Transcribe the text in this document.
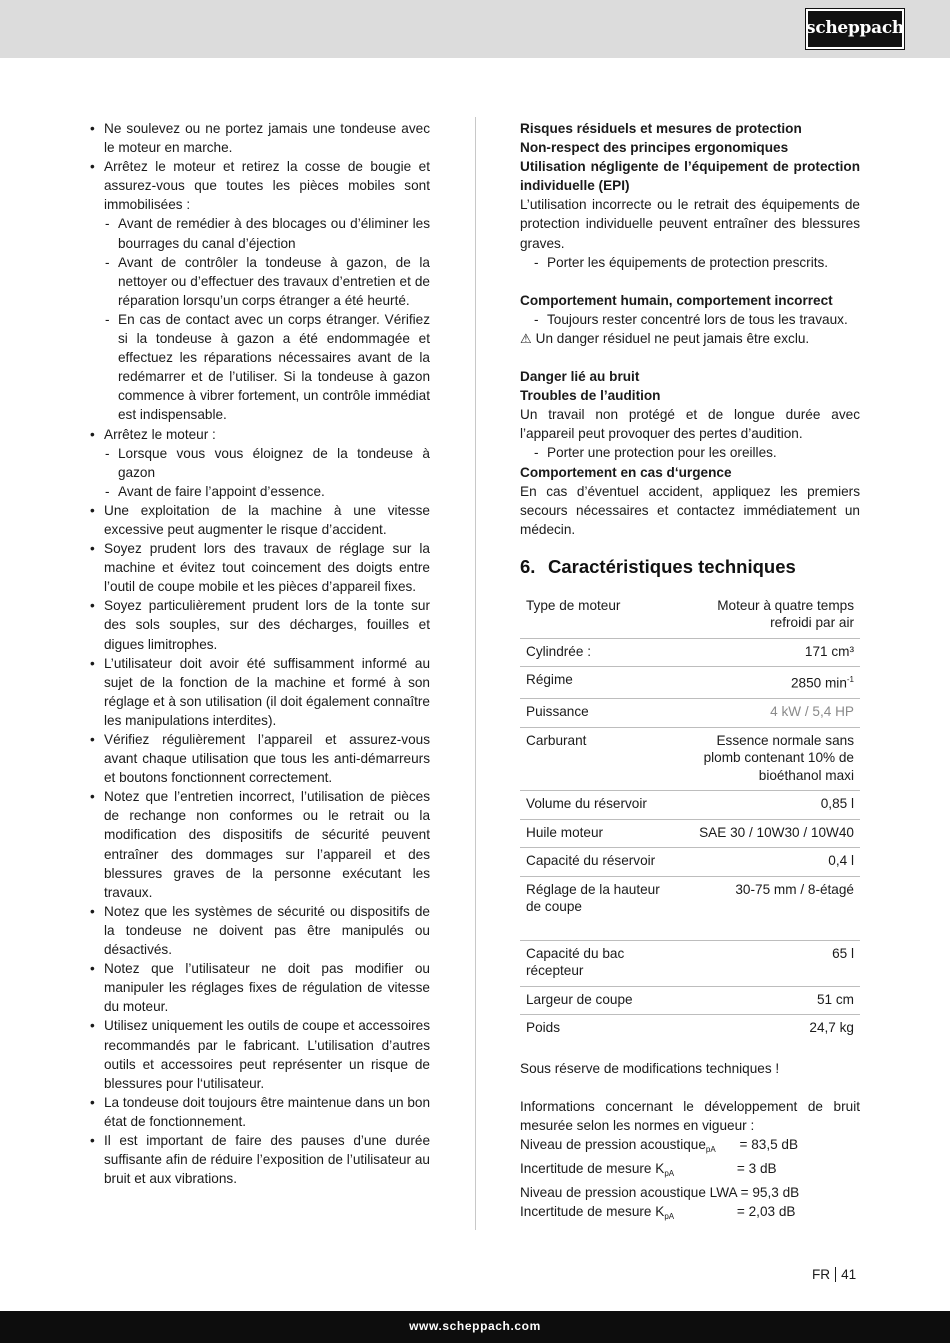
scheppach
• Ne soulevez ou ne portez jamais une tondeuse avec le moteur en marche.
• Arrêtez le moteur et retirez la cosse de bougie et assurez-vous que toutes les pièces mobiles sont immobilisées :
- Avant de remédier à des blocages ou d’éliminer les bourrages du canal d’éjection
- Avant de contrôler la tondeuse à gazon, de la nettoyer ou d’effectuer des travaux d’entretien et de réparation lorsqu’un corps étranger a été heurté.
- En cas de contact avec un corps étranger. Vérifiez si la tondeuse à gazon a été endommagée et effectuez les réparations nécessaires avant de la redémarrer et de l’utiliser. Si la tondeuse à gazon commence à vibrer fortement, un contrôle immédiat est indispensable.
• Arrêtez le moteur :
- Lorsque vous vous éloignez de la tondeuse à gazon
- Avant de faire l’appoint d’essence.
• Une exploitation de la machine à une vitesse excessive peut augmenter le risque d’accident.
• Soyez prudent lors des travaux de réglage sur la machine et évitez tout coincement des doigts entre l’outil de coupe mobile et les pièces d’appareil fixes.
• Soyez particulièrement prudent lors de la tonte sur des sols souples, sur des décharges, fouilles et digues limitrophes.
• L’utilisateur doit avoir été suffisamment informé au sujet de la fonction de la machine et formé à son réglage et à son utilisation (il doit également connaître les manipulations interdites).
• Vérifiez régulièrement l’appareil et assurez-vous avant chaque utilisation que tous les anti-démarreurs et boutons fonctionnent correctement.
• Notez que l’entretien incorrect, l’utilisation de pièces de rechange non conformes ou le retrait ou la modification des dispositifs de sécurité peuvent entraîner des dommages sur l’appareil et des blessures graves de la personne exécutant les travaux.
• Notez que les systèmes de sécurité ou dispositifs de la tondeuse ne doivent pas être manipulés ou désactivés.
• Notez que l’utilisateur ne doit pas modifier ou manipuler les réglages fixes de régulation de vitesse du moteur.
• Utilisez uniquement les outils de coupe et accessoires recommandés par le fabricant. L’utilisation d’autres outils et accessoires peut représenter un risque de blessures pour l‘utilisateur.
• La tondeuse doit toujours être maintenue dans un bon état de fonctionnement.
• Il est important de faire des pauses d’une durée suffisante afin de réduire l’exposition de l’utilisateur au bruit et aux vibrations.

Risques résiduels et mesures de protection

Non-respect des principes ergonomiques

Utilisation négligente de l’équipement de protection individuelle (EPI)

L’utilisation incorrecte ou le retrait des équipements de protection individuelle peuvent entraîner des blessures graves.

- Porter les équipements de protection prescrits.

Comportement humain, comportement incorrect

- Toujours rester concentré lors de tous les travaux.
⚠ Un danger résiduel ne peut jamais être exclu.

Danger lié au bruit

Troubles de l’audition

Un travail non protégé et de longue durée avec l’appareil peut provoquer des pertes d’audition.

- Porter une protection pour les oreilles.

Comportement en cas d‘urgence

En cas d’éventuel accident, appliquez les premiers secours nécessaires et contactez immédiatement un médecin.

6. Caractéristiques techniques
Type de moteur	Moteur à quatre temps refroidi par air
Cylindrée :	171 cm³
Régime	2850 $\min^{-1}$
Puissance	4 kW / 5,4 HP
Carburant	Essence normale sans plomb contenant 10% de bioéthanol maxi
Volume du réservoir	0,85 l
Huile moteur	SAE 30 / 10W30 / 10W40
Capacité du réservoir	0,4 l
Réglage de la hauteur de coupe	30-75 mm / 8-étagé
Capacité du bac récepteur	65 l
Largeur de coupe	51 cm
Poids	24,7 kg

Sous réserve de modifications techniques !

Informations concernant le développement de bruit mesurée selon les normes en vigueur :

Niveau de pression acoustique$_{pA}$ = 83,5 dB
Incertitude de mesure $K_{pA}$	= 3 dB
Niveau de pression acoustique LWA = 95,3 dB
Incertitude de mesure $K_{pA}$	= 2,03 dB
FR 41
www.scheppach.com
